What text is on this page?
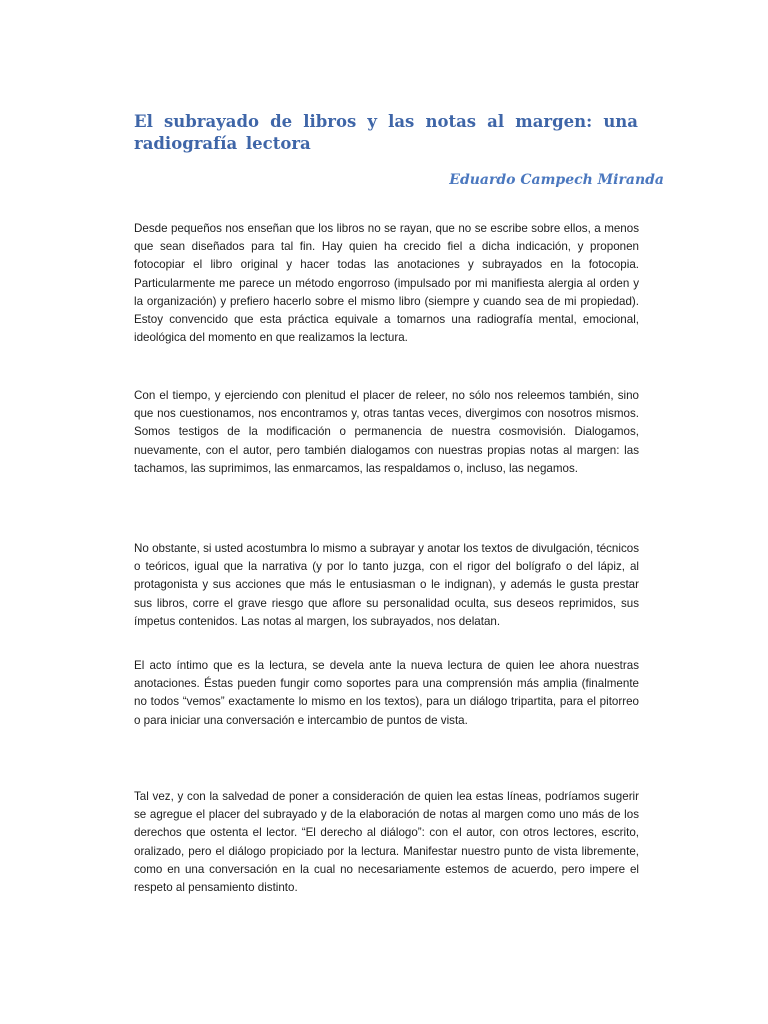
El subrayado de libros y las notas al margen: una radiografía lectora

Eduardo Campech Miranda

Desde pequeños nos enseñan que los libros no se rayan, que no se escribe sobre ellos, a menos que sean diseñados para tal fin. Hay quien ha crecido fiel a dicha indicación, y proponen fotocopiar el libro original y hacer todas las anotaciones y subrayados en la fotocopia. Particularmente me parece un método engorroso (impulsado por mi manifiesta alergia al orden y la organización) y prefiero hacerlo sobre el mismo libro (siempre y cuando sea de mi propiedad). Estoy convencido que esta práctica equivale a tomarnos una radiografía mental, emocional, ideológica del momento en que realizamos la lectura.

Con el tiempo, y ejerciendo con plenitud el placer de releer, no sólo nos releemos también, sino que nos cuestionamos, nos encontramos y, otras tantas veces, divergimos con nosotros mismos. Somos testigos de la modificación o permanencia de nuestra cosmovisión. Dialogamos, nuevamente, con el autor, pero también dialogamos con nuestras propias notas al margen: las tachamos, las suprimimos, las enmarcamos, las respaldamos o, incluso, las negamos.

No obstante, si usted acostumbra lo mismo a subrayar y anotar los textos de divulgación, técnicos o teóricos, igual que la narrativa (y por lo tanto juzga, con el rigor del bolígrafo o del lápiz, al protagonista y sus acciones que más le entusiasman o le indignan), y además le gusta prestar sus libros, corre el grave riesgo que aflore su personalidad oculta, sus deseos reprimidos, sus ímpetus contenidos. Las notas al margen, los subrayados, nos delatan.

El acto íntimo que es la lectura, se devela ante la nueva lectura de quien lee ahora nuestras anotaciones. Éstas pueden fungir como soportes para una comprensión más amplia (finalmente no todos “vemos” exactamente lo mismo en los textos), para un diálogo tripartita, para el pitorreo o para iniciar una conversación e intercambio de puntos de vista.

Tal vez, y con la salvedad de poner a consideración de quien lea estas líneas, podríamos sugerir se agregue el placer del subrayado y de la elaboración de notas al margen como uno más de los derechos que ostenta el lector. “El derecho al diálogo”: con el autor, con otros lectores, escrito, oralizado, pero el diálogo propiciado por la lectura. Manifestar nuestro punto de vista libremente, como en una conversación en la cual no necesariamente estemos de acuerdo, pero impere el respeto al pensamiento distinto.
